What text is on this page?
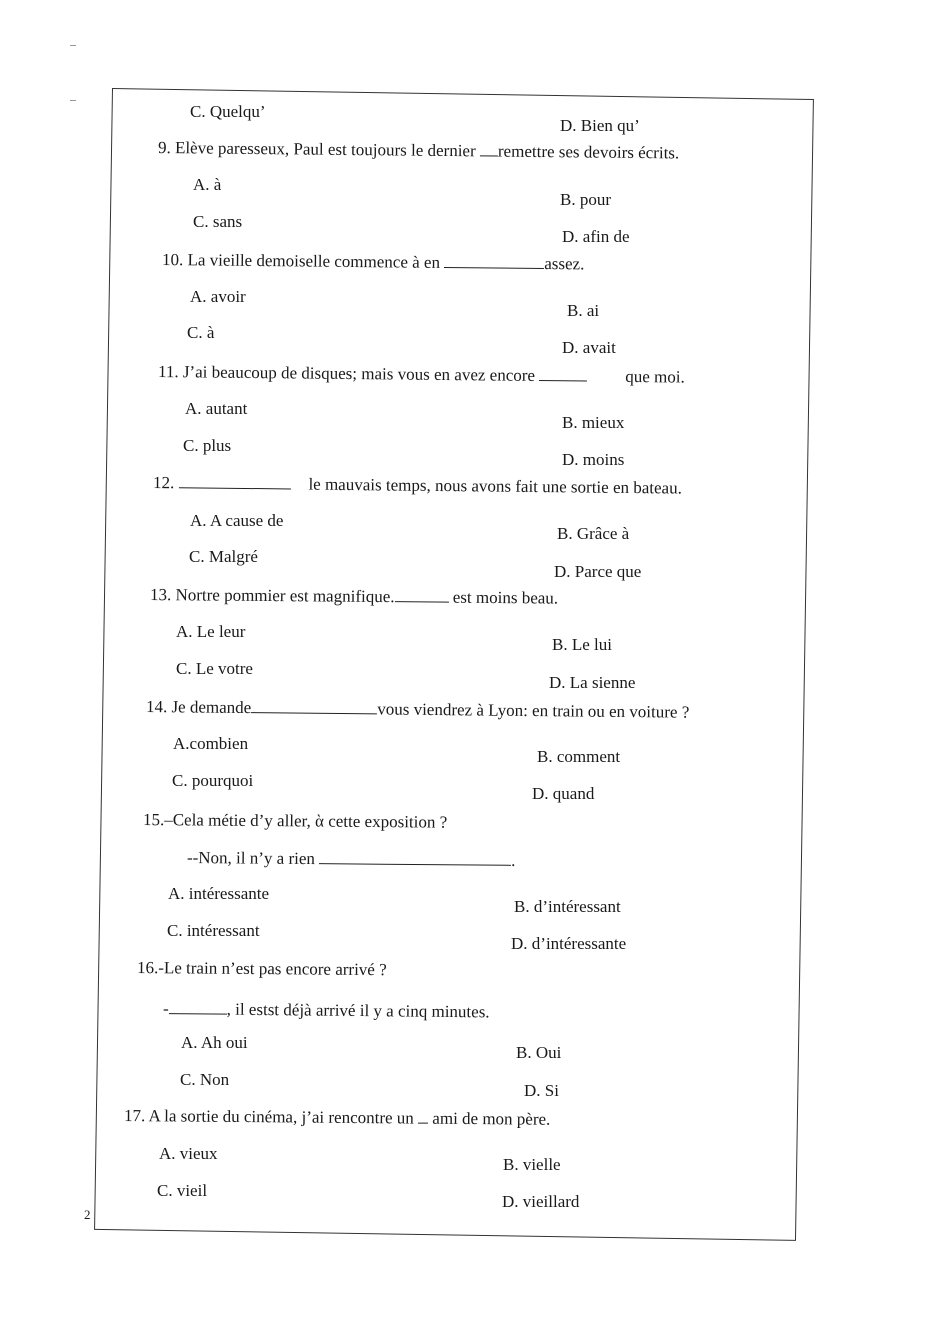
C. Quelqu’
D. Bien qu’
9. Elève paresseux, Paul est toujours le dernier remettre ses devoirs écrits.
A. à
B. pour
C. sans
D. afin de
10. La vieille demoiselle commence à en	assez.
A. avoir
B. ai
C. à
D. avait
11. J’ai beaucoup de disques; mais vous en avez encore	que moi.
A. autant
B. mieux
C. plus
D. moins
12.	le mauvais temps, nous avons fait une sortie en bateau.
A. A cause de
B. Grâce à
C. Malgré
D. Parce que
13. Nortre pommier est magnifique.	est moins beau.
A. Le leur
B. Le lui
C. Le votre
D. La sienne
14. Je demande	vous viendrez à Lyon: en train ou en voiture ?
A.combien
B. comment
C. pourquoi
D. quand
15.–Cela métie d’y aller, ὰ cette exposition ?
--Non, il n’y a rien	.
A. intéressante
B. d’intéressant
C. intéressant
D. d’intéressante
16.-Le train n’est pas encore arrivé ?
-	, il estst déjà arrivé il y a cinq minutes.
A. Ah oui
B. Oui
C. Non
D. Si
17. A la sortie du cinéma, j’ai rencontre un  ami de mon père.
A. vieux
B. vielle
C. vieil
D. vieillard
2
